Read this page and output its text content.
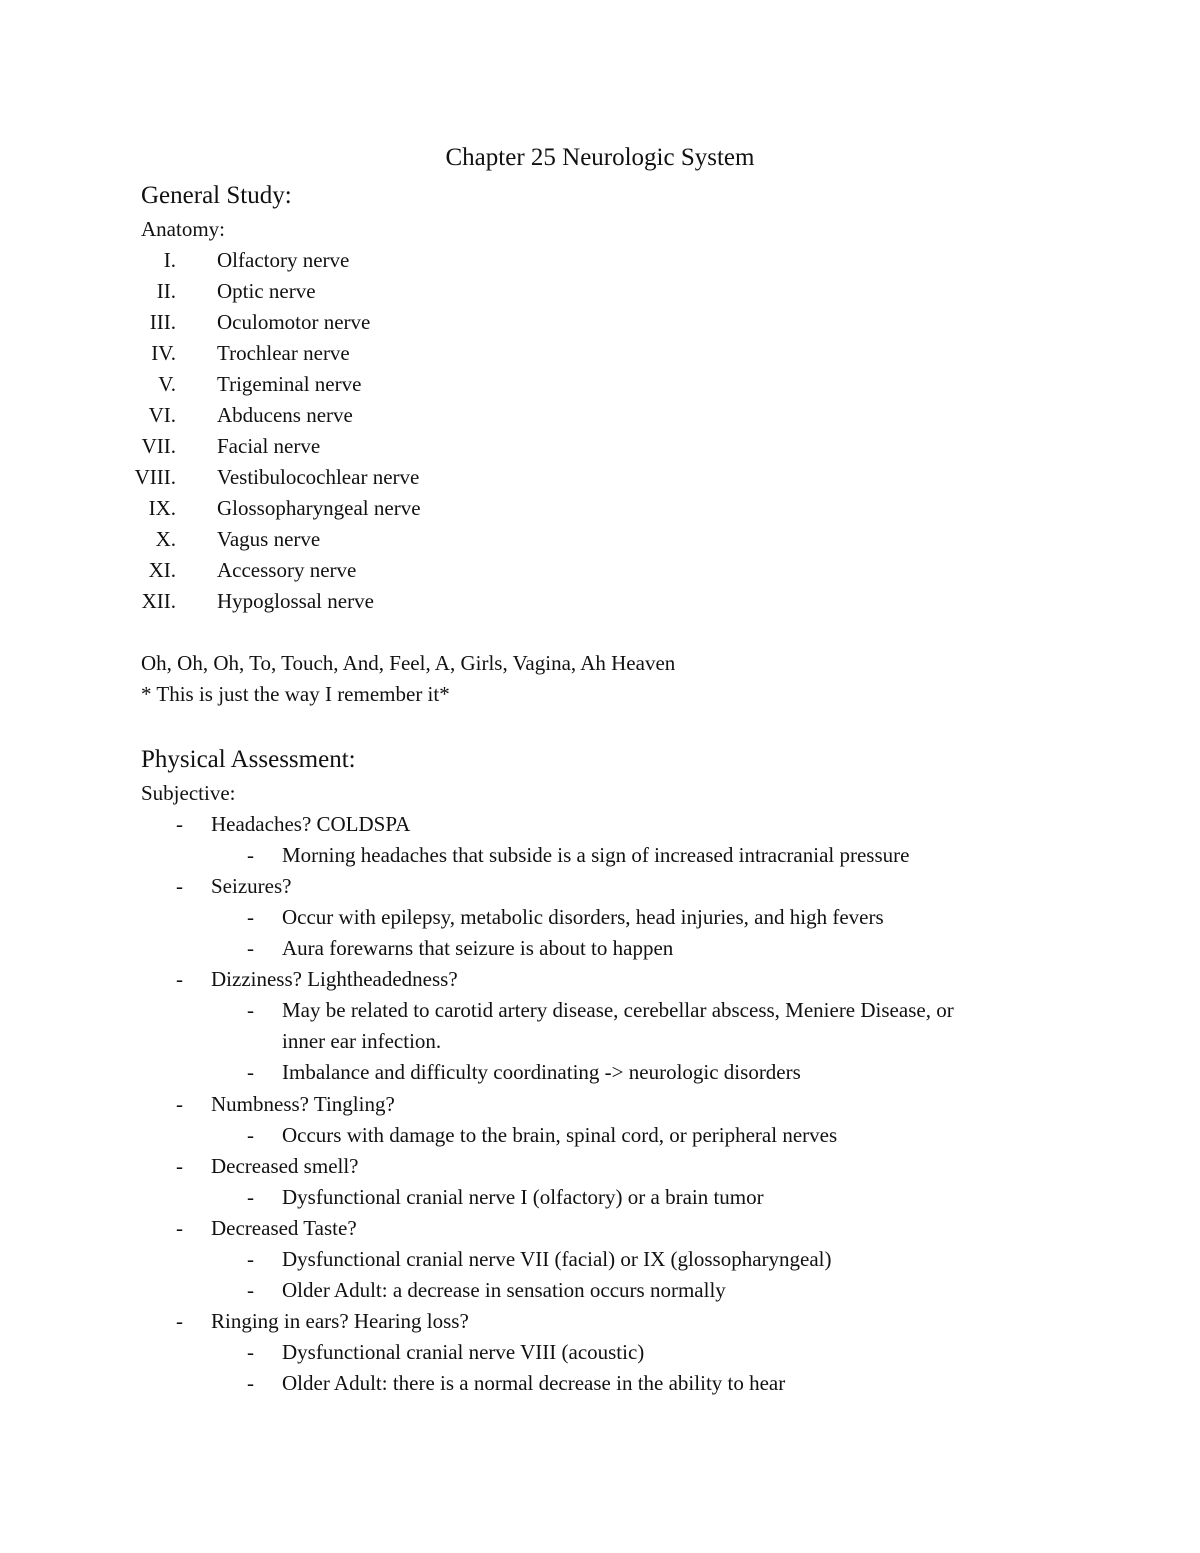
Chapter 25 Neurologic System
General Study:
Anatomy:
I. Olfactory nerve
II. Optic nerve
III. Oculomotor nerve
IV. Trochlear nerve
V. Trigeminal nerve
VI. Abducens nerve
VII. Facial nerve
VIII. Vestibulocochlear nerve
IX. Glossopharyngeal nerve
X. Vagus nerve
XI. Accessory nerve
XII. Hypoglossal nerve
Oh, Oh, Oh, To, Touch, And, Feel, A, Girls, Vagina, Ah Heaven
* This is just the way I remember it*
Physical Assessment:
Subjective:
- Headaches? COLDSPA
- Morning headaches that subside is a sign of increased intracranial pressure
- Seizures?
- Occur with epilepsy, metabolic disorders, head injuries, and high fevers
- Aura forewarns that seizure is about to happen
- Dizziness? Lightheadedness?
- May be related to carotid artery disease, cerebellar abscess, Meniere Disease, or
inner ear infection.
- Imbalance and difficulty coordinating -> neurologic disorders
- Numbness? Tingling?
- Occurs with damage to the brain, spinal cord, or peripheral nerves
- Decreased smell?
- Dysfunctional cranial nerve I (olfactory) or a brain tumor
- Decreased Taste?
- Dysfunctional cranial nerve VII (facial) or IX (glossopharyngeal)
- Older Adult: a decrease in sensation occurs normally
- Ringing in ears? Hearing loss?
- Dysfunctional cranial nerve VIII (acoustic)
- Older Adult: there is a normal decrease in the ability to hear
